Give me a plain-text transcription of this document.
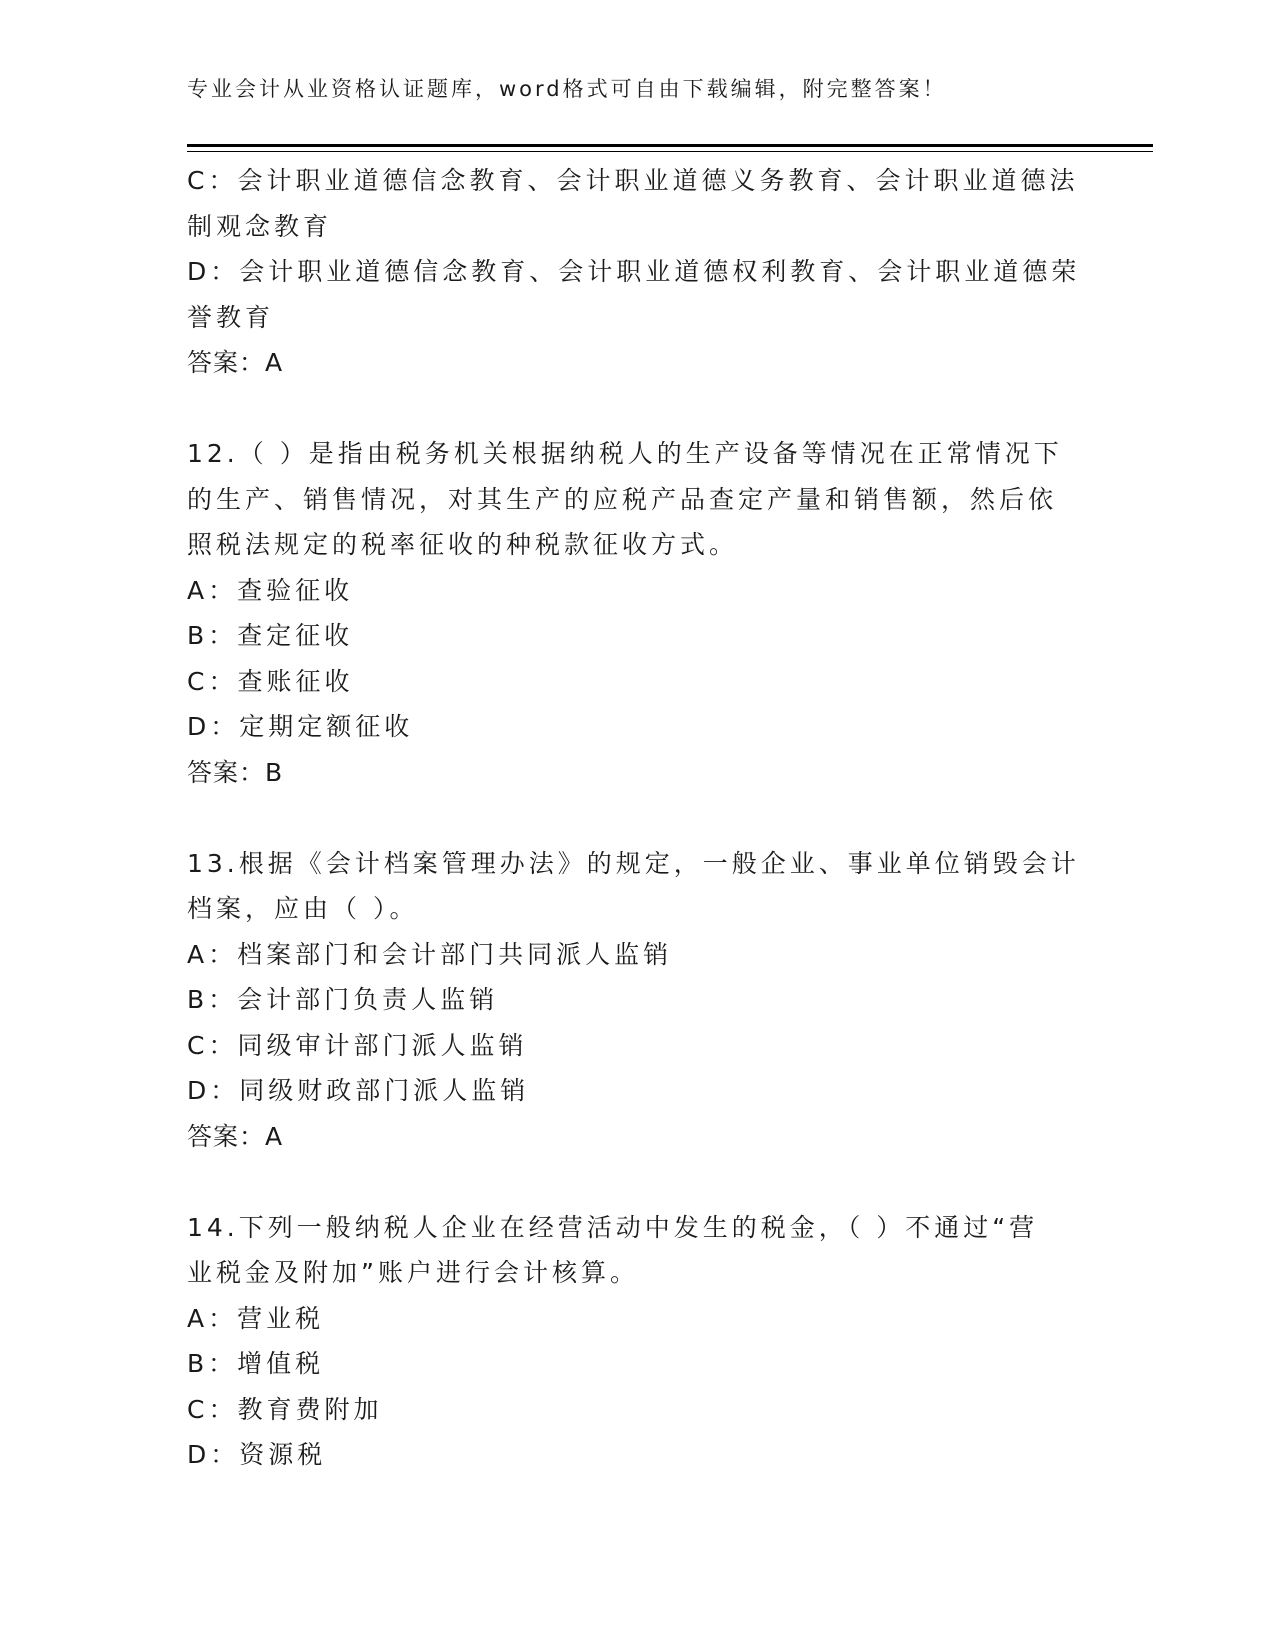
专业会计从业资格认证题库，word格式可自由下载编辑，附完整答案！
C：会计职业道德信念教育、会计职业道德义务教育、会计职业道德法
制观念教育
D：会计职业道德信念教育、会计职业道德权利教育、会计职业道德荣
誉教育
答案：A
12.（ ）是指由税务机关根据纳税人的生产设备等情况在正常情况下
的生产、销售情况，对其生产的应税产品查定产量和销售额，然后依
照税法规定的税率征收的种税款征收方式。
A：查验征收
B：查定征收
C：查账征收
D：定期定额征收
答案：B
13.根据《会计档案管理办法》的规定，一般企业、事业单位销毁会计
档案，应由（ ）。
A：档案部门和会计部门共同派人监销
B：会计部门负责人监销
C：同级审计部门派人监销
D：同级财政部门派人监销
答案：A
14.下列一般纳税人企业在经营活动中发生的税金，（ ）不通过“营
业税金及附加”账户进行会计核算。
A：营业税
B：增值税
C：教育费附加
D：资源税
